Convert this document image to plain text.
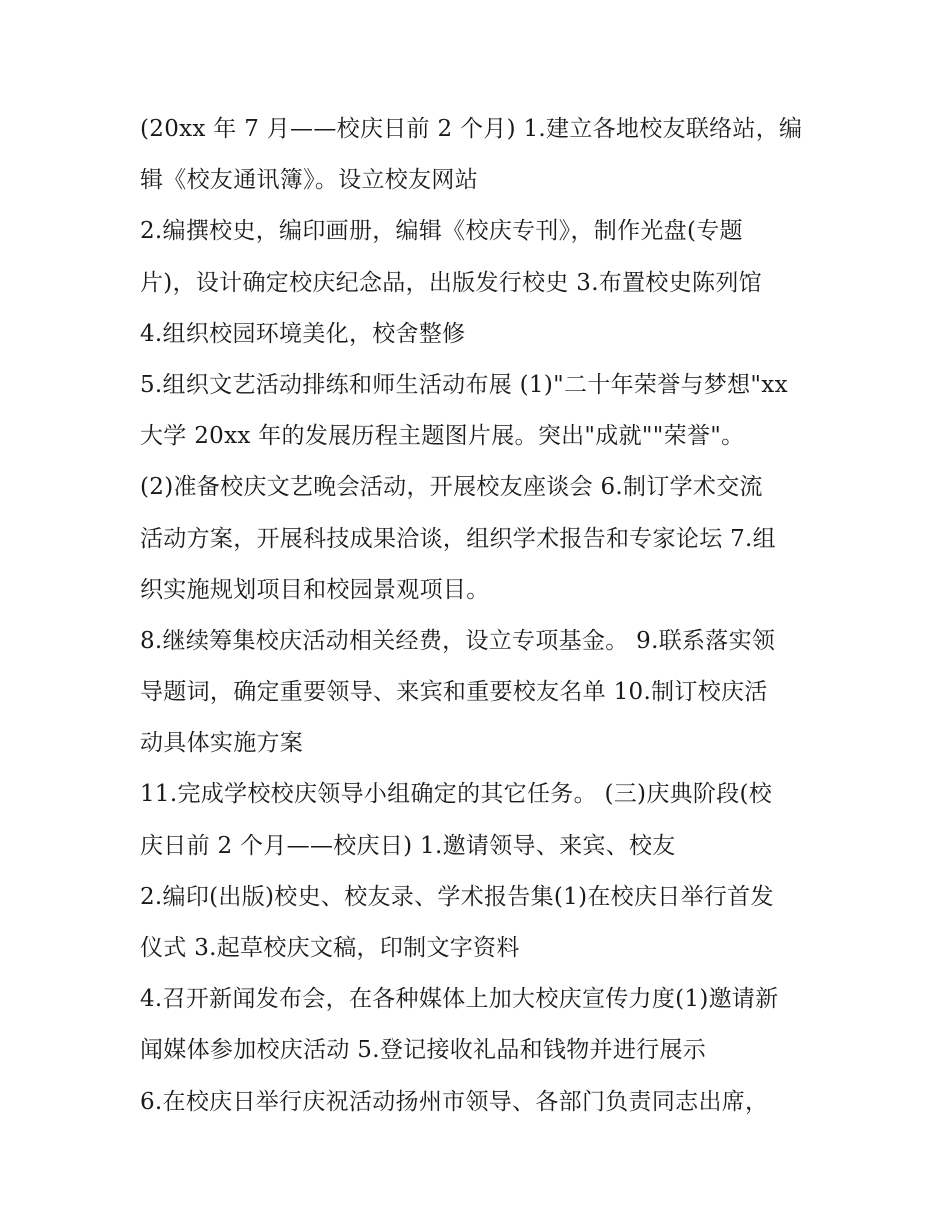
(20xx 年 7 月——校庆日前 2 个月) 1.建立各地校友联络站，编
辑《校友通讯簿》。设立校友网站
2.编撰校史，编印画册，编辑《校庆专刊》，制作光盘(专题
片)，设计确定校庆纪念品，出版发行校史 3.布置校史陈列馆
4.组织校园环境美化，校舍整修
5.组织文艺活动排练和师生活动布展 (1)"二十年荣誉与梦想"xx
大学 20xx 年的发展历程主题图片展。突出"成就""荣誉"。
(2)准备校庆文艺晚会活动，开展校友座谈会 6.制订学术交流
活动方案，开展科技成果洽谈，组织学术报告和专家论坛 7.组
织实施规划项目和校园景观项目。
8.继续筹集校庆活动相关经费，设立专项基金。 9.联系落实领
导题词，确定重要领导、来宾和重要校友名单 10.制订校庆活
动具体实施方案
11.完成学校校庆领导小组确定的其它任务。 (三)庆典阶段(校
庆日前 2 个月——校庆日) 1.邀请领导、来宾、校友
2.编印(出版)校史、校友录、学术报告集(1)在校庆日举行首发
仪式 3.起草校庆文稿，印制文字资料
4.召开新闻发布会，在各种媒体上加大校庆宣传力度(1)邀请新
闻媒体参加校庆活动 5.登记接收礼品和钱物并进行展示
6.在校庆日举行庆祝活动扬州市领导、各部门负责同志出席，
